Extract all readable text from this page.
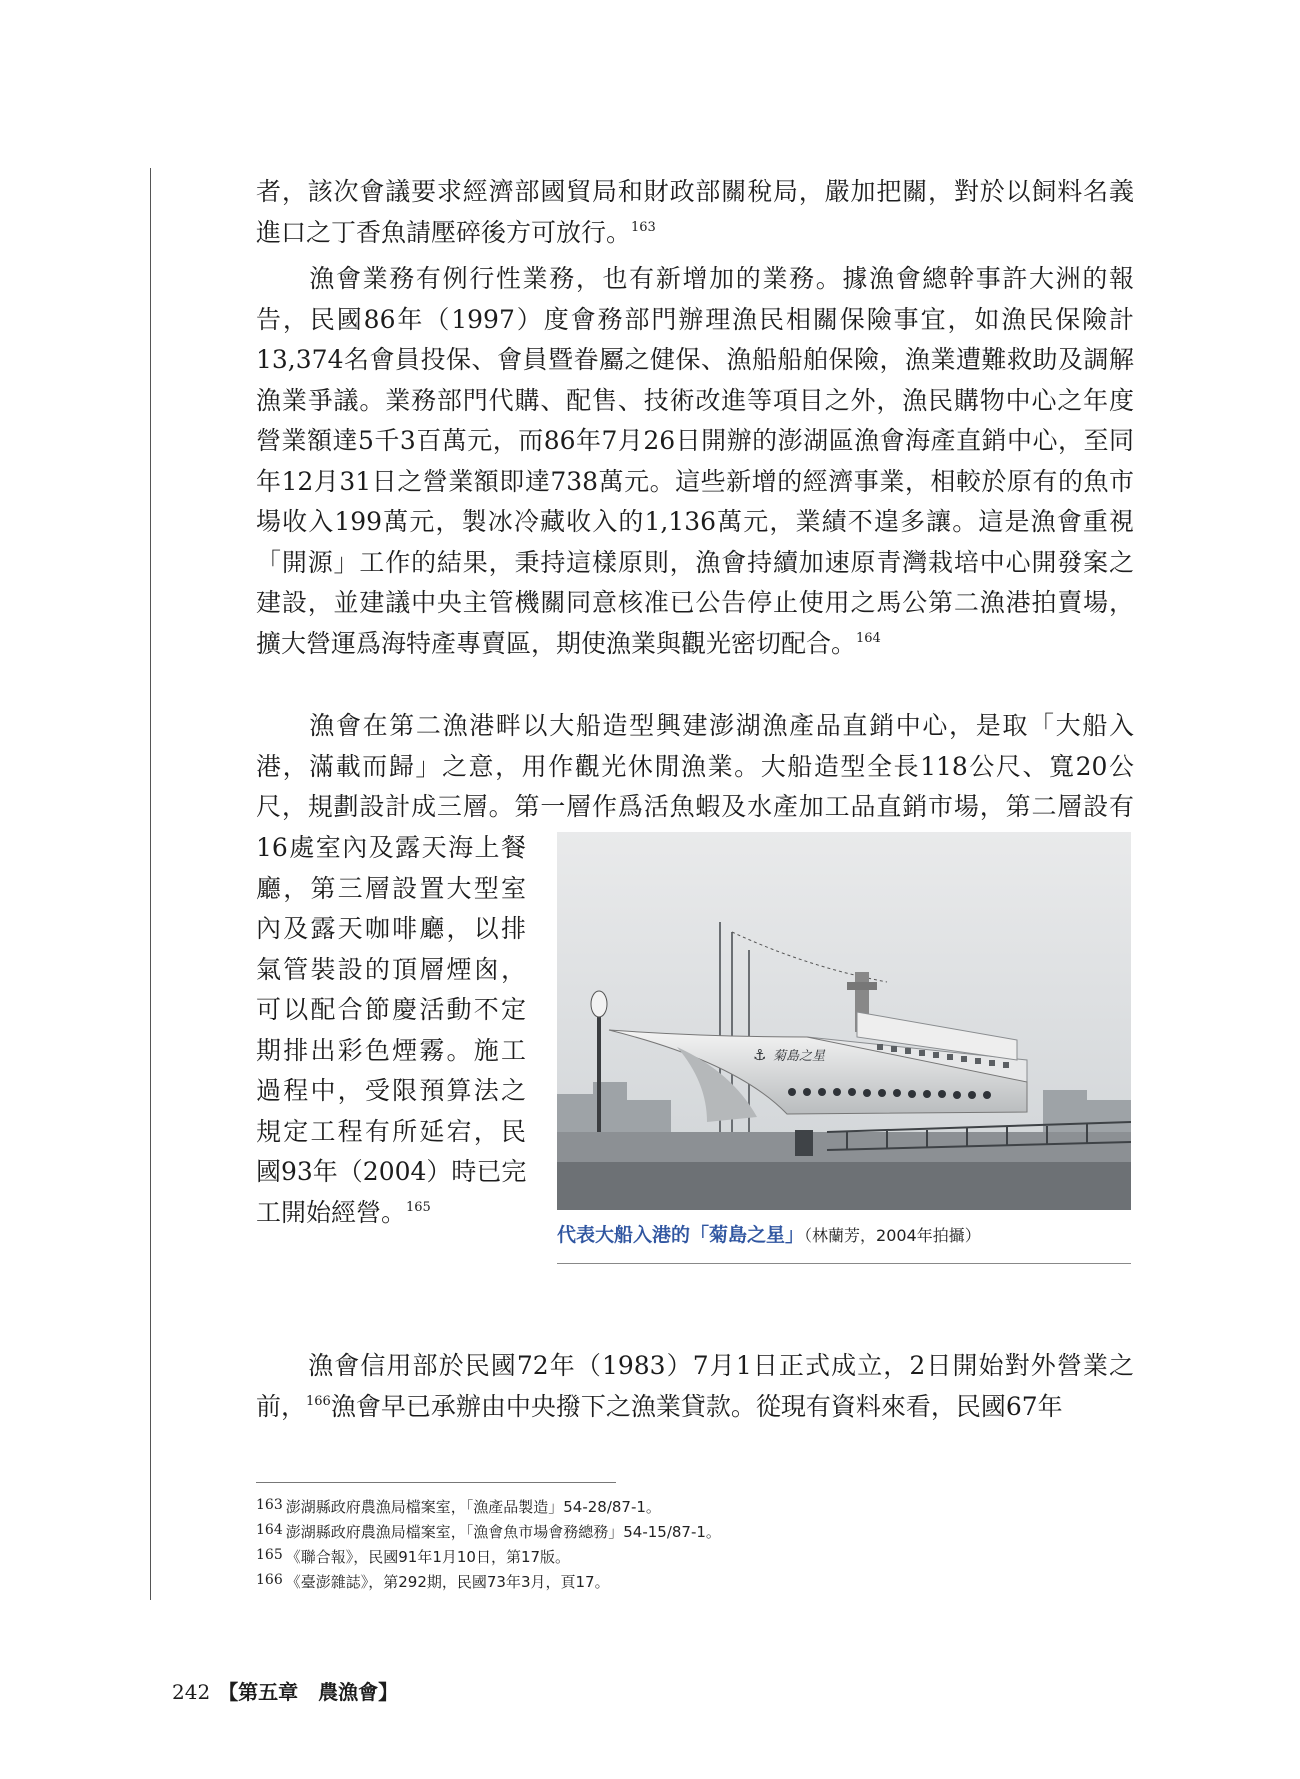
者，該次會議要求經濟部國貿局和財政部關稅局，嚴加把關，對於以飼料名義
進口之丁香魚請壓碎後方可放行。$^{163}$
　　漁會業務有例行性業務，也有新增加的業務。據漁會總幹事許大洲的報
告，民國86年（1997）度會務部門辦理漁民相關保險事宜，如漁民保險計
13,374名會員投保、會員暨眷屬之健保、漁船船舶保險，漁業遭難救助及調解
漁業爭議。業務部門代購、配售、技術改進等項目之外，漁民購物中心之年度
營業額達5千3百萬元，而86年7月26日開辦的澎湖區漁會海產直銷中心，至同
年12月31日之營業額即達738萬元。這些新增的經濟事業，相較於原有的魚市
場收入199萬元，製冰冷藏收入的1,136萬元，業績不遑多讓。這是漁會重視
「開源」工作的結果，秉持這樣原則，漁會持續加速原青灣栽培中心開發案之
建設，並建議中央主管機關同意核准已公告停止使用之馬公第二漁港拍賣場，
擴大營運爲海特產專賣區，期使漁業與觀光密切配合。$^{164}$
　　漁會在第二漁港畔以大船造型興建澎湖漁產品直銷中心，是取「大船入
港，滿載而歸」之意，用作觀光休閒漁業。大船造型全長118公尺、寬20公
尺，規劃設計成三層。第一層作爲活魚蝦及水產加工品直銷市場，第二層設有
16處室內及露天海上餐
廳，第三層設置大型室
內及露天咖啡廳，以排
氣管裝設的頂層煙囪，
可以配合節慶活動不定
期排出彩色煙霧。施工
過程中，受限預算法之
規定工程有所延宕，民
國93年（2004）時已完
工開始經營。$^{165}$
⚓ 菊島之星
代表大船入港的「菊島之星」（林蘭芳，2004年拍攝）
　　漁會信用部於民國72年（1983）7月1日正式成立，2日開始對外營業之
前，$^{166}$漁會早已承辦由中央撥下之漁業貸款。從現有資料來看，民國67年
163 澎湖縣政府農漁局檔案室，「漁產品製造」54-28/87-1。
164 澎湖縣政府農漁局檔案室，「漁會魚市場會務總務」54-15/87-1。
165 《聯合報》，民國91年1月10日，第17版。
166 《臺澎雜誌》，第292期，民國73年3月，頁17。
242 【第五章　農漁會】
